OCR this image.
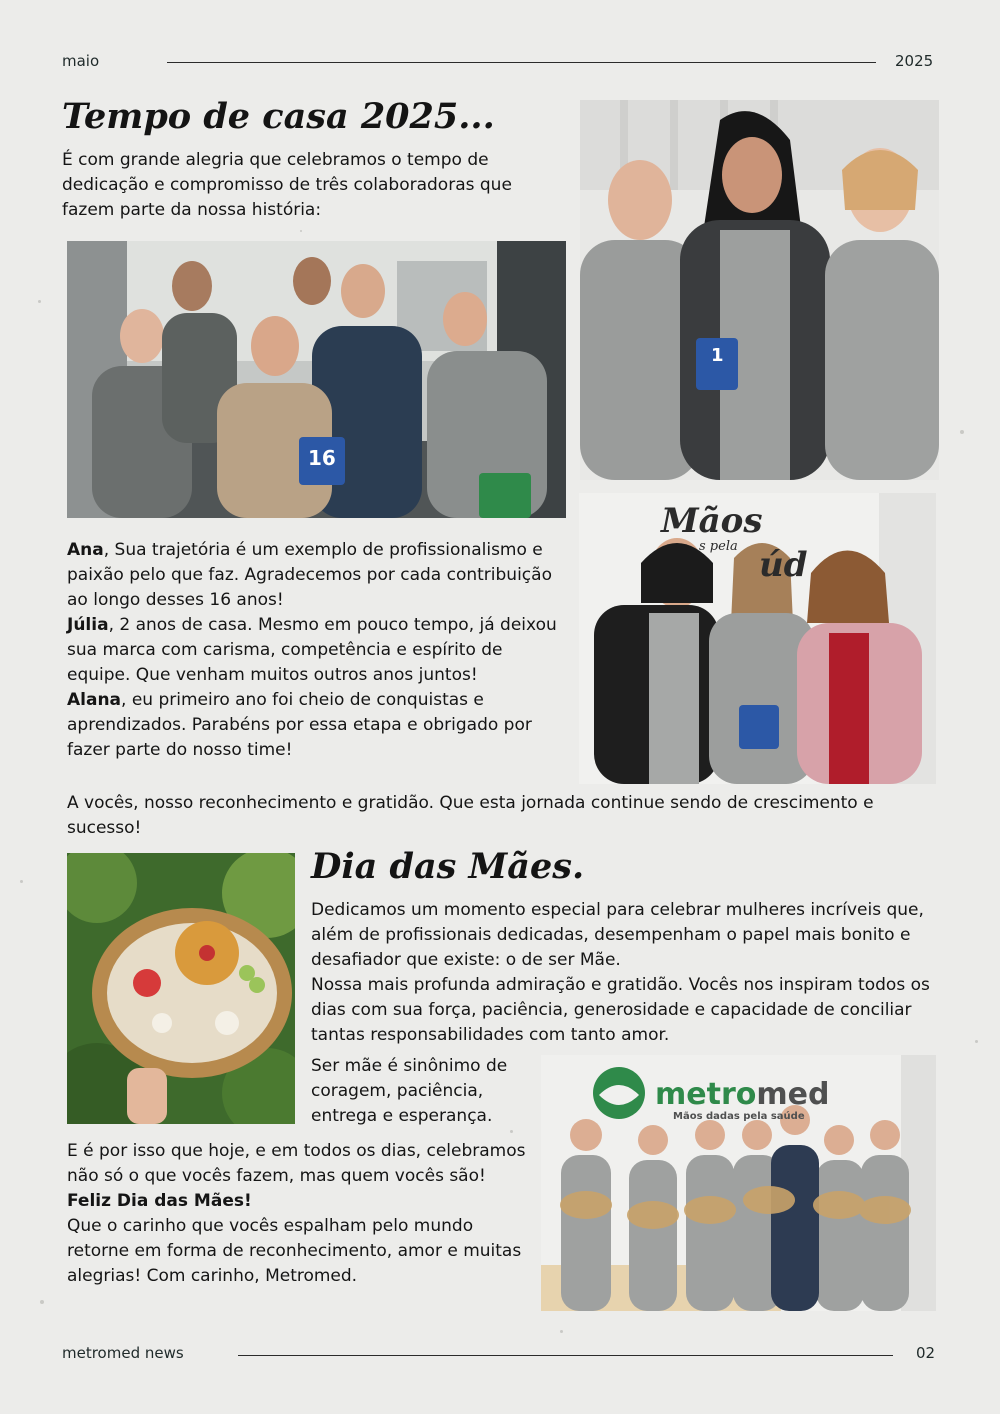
maio	2025
Tempo de casa 2025...
É com grande alegria que celebramos o tempo de dedicação e compromisso de três colaboradoras que fazem parte da nossa história:
16
1
Mãos
s pela úd

Ana, Sua trajetória é um exemplo de profissionalismo e paixão pelo que faz. Agradecemos por cada contribuição ao longo desses 16 anos!

Júlia, 2 anos de casa. Mesmo em pouco tempo, já deixou sua marca com carisma, competência e espírito de equipe. Que venham muitos outros anos juntos!

Alana, eu primeiro ano foi cheio de conquistas e aprendizados. Parabéns por essa etapa e obrigado por fazer parte do nosso time!

A vocês, nosso reconhecimento e gratidão. Que esta jornada continue sendo de crescimento e sucesso!
Dia das Mães.
Dedicamos um momento especial para celebrar mulheres incríveis que, além de profissionais dedicadas, desempenham o papel mais bonito e desafiador que existe: o de ser Mãe.
Nossa mais profunda admiração e gratidão. Vocês nos inspiram todos os dias com sua força, paciência, generosidade e capacidade de conciliar tantas responsabilidades com tanto amor.
Ser mãe é sinônimo de coragem, paciência, entrega e esperança.
metromed
Mãos dadas pela saúde
E é por isso que hoje, e em todos os dias, celebramos não só o que vocês fazem, mas quem vocês são! Feliz Dia das Mães!
Que o carinho que vocês espalham pelo mundo retorne em forma de reconhecimento, amor e muitas alegrias! Com carinho, Metromed.
metromed news	02
